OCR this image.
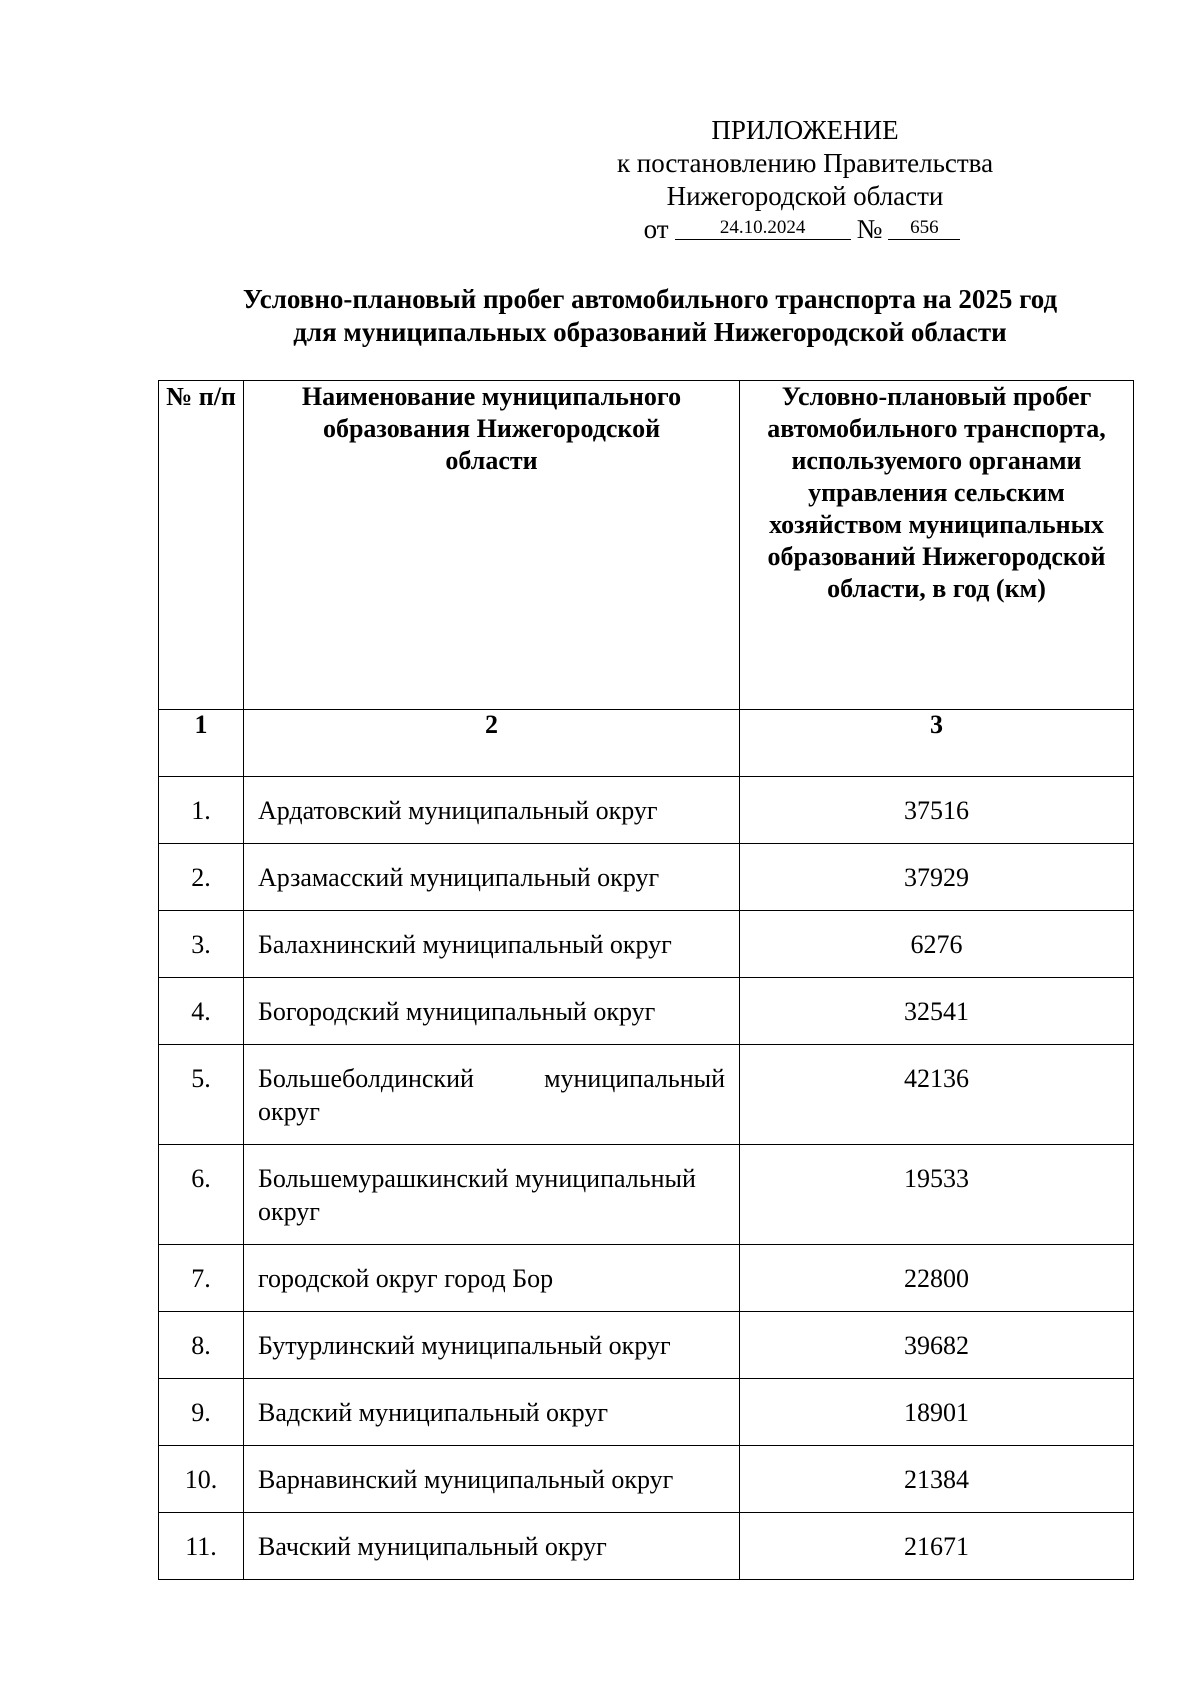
ПРИЛОЖЕНИЕ
к постановлению Правительства
Нижегородской области
от	24.10.2024	№	656
Условно-плановый пробег автомобильного транспорта на 2025 год
для муниципальных образований Нижегородской области
№ п/п	Наименование муниципального образования Нижегородской области	Условно-плановый пробег автомобильного транспорта, используемого органами управления сельским хозяйством муниципальных образований Нижегородской области, в год (км)
1	2	3
1.	Ардатовский муниципальный округ	37516
2.	Арзамасский муниципальный округ	37929
3.	Балахнинский муниципальный округ	6276
4.	Богородский муниципальный округ	32541
5.	Большеболдинский муниципальный округ	42136
6.	Большемурашкинский муниципальный округ	19533
7.	городской округ город Бор	22800
8.	Бутурлинский муниципальный округ	39682
9.	Вадский муниципальный округ	18901
10.	Варнавинский муниципальный округ	21384
11.	Вачский муниципальный округ	21671
